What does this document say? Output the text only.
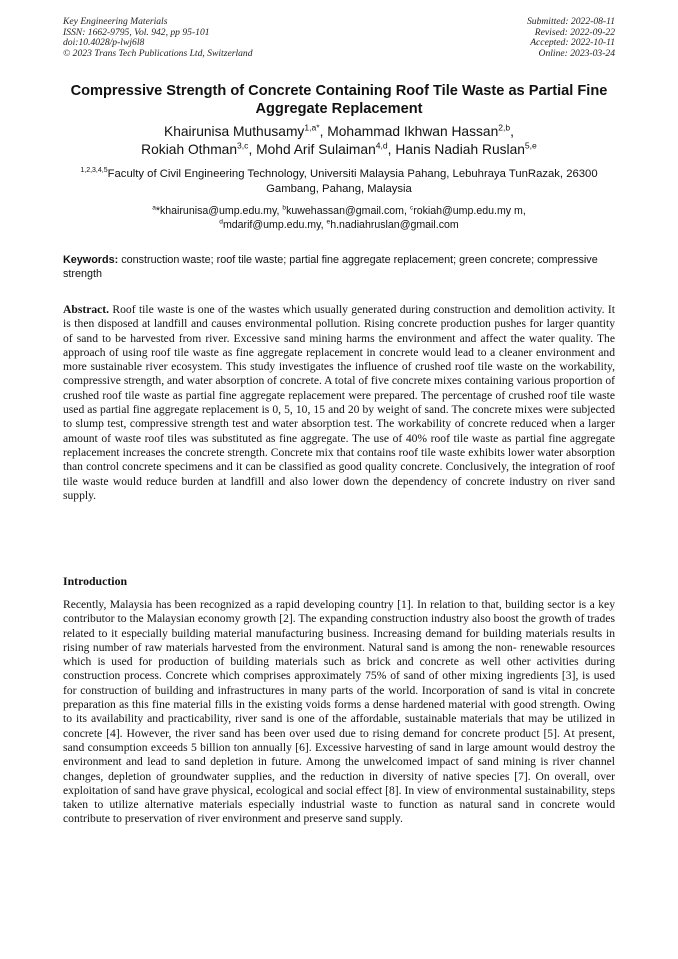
Key Engineering Materials
ISSN: 1662-9795, Vol. 942, pp 95-101
doi:10.4028/p-lwj6l8
© 2023 Trans Tech Publications Ltd, Switzerland
Submitted: 2022-08-11
Revised: 2022-09-22
Accepted: 2022-10-11
Online: 2023-03-24
Compressive Strength of Concrete Containing Roof Tile Waste as Partial Fine Aggregate Replacement

Khairunisa Muthusamy$^{1,a*}$, Mohammad Ikhwan Hassan$^{2,b}$,
Rokiah Othman$^{3,c}$, Mohd Arif Sulaiman$^{4,d}$, Hanis Nadiah Ruslan$^{5,e}$

$^{1,2,3,4,5}$Faculty of Civil Engineering Technology, Universiti Malaysia Pahang, Lebuhraya TunRazak, 26300 Gambang, Pahang, Malaysia

$^a$*khairunisa@ump.edu.my, $^b$kuwehassan@gmail.com, $^c$rokiah@ump.edu.my m,
$^d$mdarif@ump.edu.my, $^e$h.nadiahruslan@gmail.com

Keywords: construction waste; roof tile waste; partial fine aggregate replacement; green concrete; compressive strength

Abstract. Roof tile waste is one of the wastes which usually generated during construction and demolition activity. It is then disposed at landfill and causes environmental pollution. Rising concrete production pushes for larger quantity of sand to be harvested from river. Excessive sand mining harms the environment and affect the water quality. The approach of using roof tile waste as fine aggregate replacement in concrete would lead to a cleaner environment and more sustainable river ecosystem. This study investigates the influence of crushed roof tile waste on the workability, compressive strength, and water absorption of concrete. A total of five concrete mixes containing various proportion of crushed roof tile waste as partial fine aggregate replacement were prepared. The percentage of crushed roof tile waste used as partial fine aggregate replacement is 0, 5, 10, 15 and 20 by weight of sand. The concrete mixes were subjected to slump test, compressive strength test and water absorption test. The workability of concrete reduced when a larger amount of waste roof tiles was substituted as fine aggregate. The use of 40% roof tile waste as partial fine aggregate replacement increases the concrete strength. Concrete mix that contains roof tile waste exhibits lower water absorption than control concrete specimens and it can be classified as good quality concrete. Conclusively, the integration of roof tile waste would reduce burden at landfill and also lower down the dependency of concrete industry on river sand supply.

Introduction

Recently, Malaysia has been recognized as a rapid developing country [1]. In relation to that, building sector is a key contributor to the Malaysian economy growth [2]. The expanding construction industry also boost the growth of trades related to it especially building material manufacturing business. Increasing demand for building materials results in rising number of raw materials harvested from the environment. Natural sand is among the non- renewable resources which is used for production of building materials such as brick and concrete as well other activities during construction process. Concrete which comprises approximately 75% of sand of other mixing ingredients [3], is used for construction of building and infrastructures in many parts of the world. Incorporation of sand is vital in concrete preparation as this fine material fills in the existing voids forms a dense hardened material with good strength. Owing to its availability and practicability, river sand is one of the affordable, sustainable materials that may be utilized in concrete [4]. However, the river sand has been over used due to rising demand for concrete product [5]. At present, sand consumption exceeds 5 billion ton annually [6]. Excessive harvesting of sand in large amount would destroy the environment and lead to sand depletion in future. Among the unwelcomed impact of sand mining is river channel changes, depletion of groundwater supplies, and the reduction in diversity of native species [7]. On overall, over exploitation of sand have grave physical, ecological and social effect [8]. In view of environmental sustainability, steps taken to utilize alternative materials especially industrial waste to function as natural sand in concrete would contribute to preservation of river environment and preserve sand supply.
